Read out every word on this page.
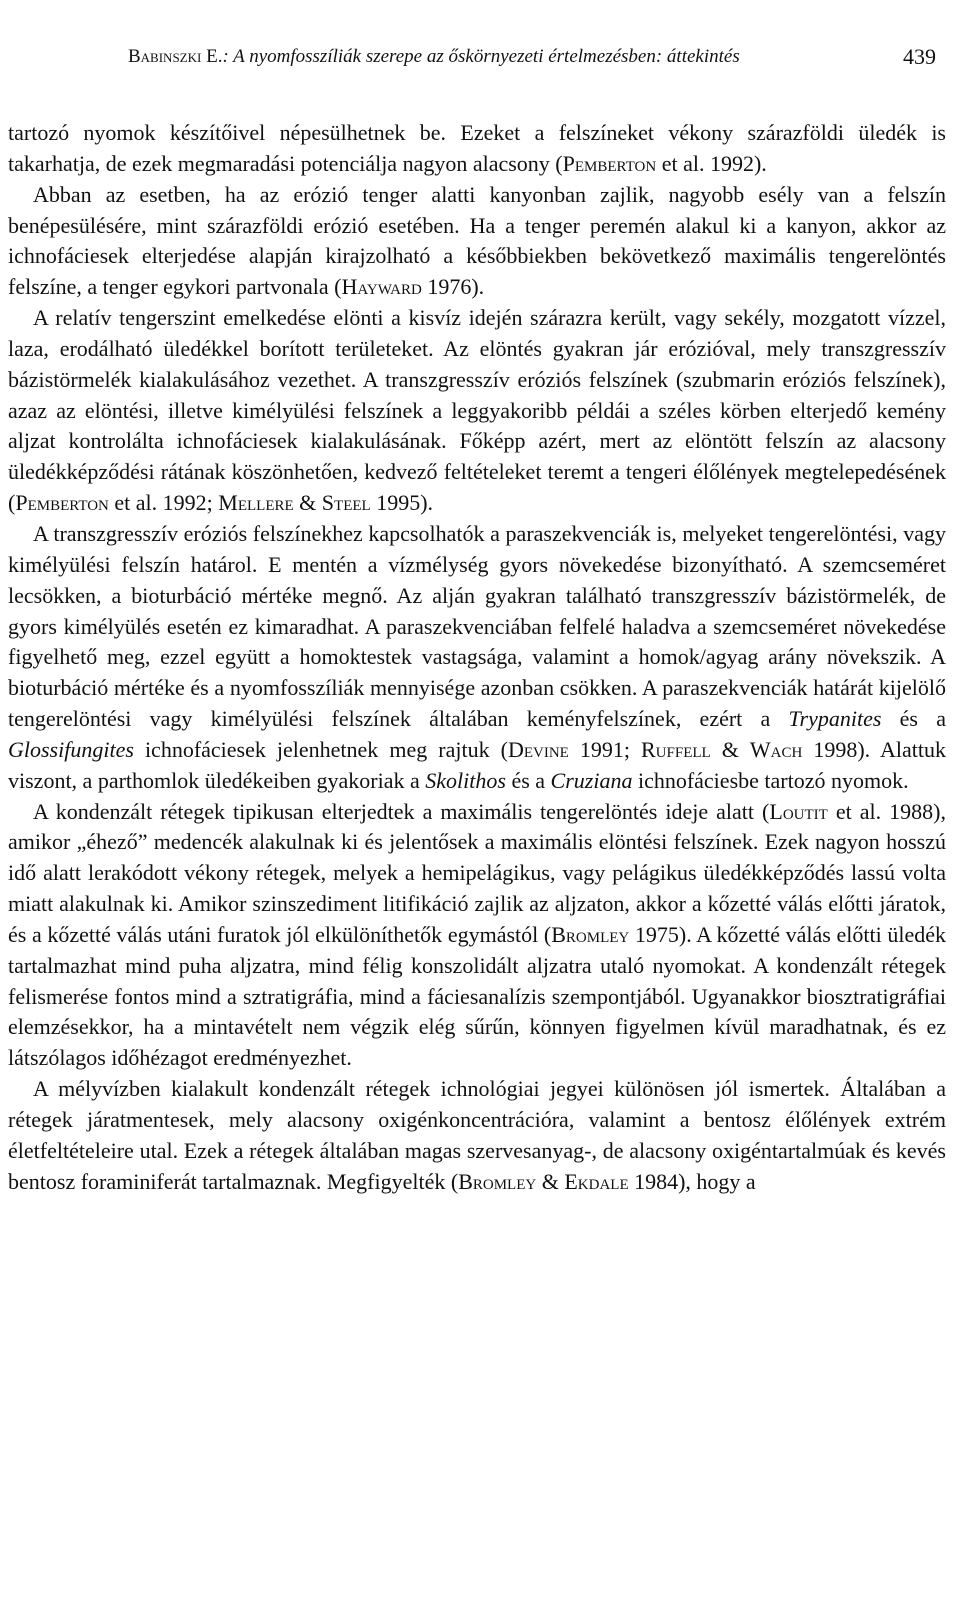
Babinszki E.: A nyomfosszíliák szerepe az őskörnyezeti értelmezésben: áttekintés	439

tartozó nyomok készítőivel népesülhetnek be. Ezeket a felszíneket vékony szárazföldi üledék is takarhatja, de ezek megmaradási potenciálja nagyon alacsony (Pemberton et al. 1992).

Abban az esetben, ha az erózió tenger alatti kanyonban zajlik, nagyobb esély van a felszín benépesülésére, mint szárazföldi erózió esetében. Ha a tenger peremén alakul ki a kanyon, akkor az ichnofáciesek elterjedése alapján kirajzolható a későbbiekben bekövetkező maximális tengerelöntés felszíne, a tenger egykori partvonala (Hayward 1976).

A relatív tengerszint emelkedése elönti a kisvíz idején szárazra került, vagy sekély, mozgatott vízzel, laza, erodálható üledékkel borított területeket. Az elöntés gyakran jár erózióval, mely transzgresszív bázistörmelék kialakulásához vezethet. A transzgresszív eróziós felszínek (szubmarin eróziós felszínek), azaz az elöntési, illetve kimélyülési felszínek a leggyakoribb példái a széles körben elterjedő kemény aljzat kontrolálta ichnofáciesek kialakulásának. Főképp azért, mert az elöntött felszín az alacsony üledékképződési rátának köszönhetően, kedvező feltételeket teremt a tengeri élőlények megtelepedésének (Pemberton et al. 1992; Mellere & Steel 1995).

A transzgresszív eróziós felszínekhez kapcsolhatók a paraszekvenciák is, melyeket tengerelöntési, vagy kimélyülési felszín határol. E mentén a vízmélység gyors növekedése bizonyítható. A szemcseméret lecsökken, a bioturbáció mértéke megnő. Az alján gyakran található transzgresszív bázistörmelék, de gyors kimélyülés esetén ez kimaradhat. A paraszekvenciában felfelé haladva a szemcseméret növekedése figyelhető meg, ezzel együtt a homoktestek vastagsága, valamint a homok/agyag arány növekszik. A bioturbáció mértéke és a nyomfosszíliák mennyisége azonban csökken. A paraszekvenciák határát kijelölő tengerelöntési vagy kimélyülési felszínek általában keményfelszínek, ezért a Trypanites és a Glossifungites ichnofáciesek jelenhetnek meg rajtuk (Devine 1991; Ruffell & Wach 1998). Alattuk viszont, a parthomlok üledékeiben gyakoriak a Skolithos és a Cruziana ichnofáciesbe tartozó nyomok.

A kondenzált rétegek tipikusan elterjedtek a maximális tengerelöntés ideje alatt (Loutit et al. 1988), amikor „éhező” medencék alakulnak ki és jelentősek a maximális elöntési felszínek. Ezek nagyon hosszú idő alatt lerakódott vékony rétegek, melyek a hemipelágikus, vagy pelágikus üledékképződés lassú volta miatt alakulnak ki. Amikor szinszediment litifikáció zajlik az aljzaton, akkor a kőzetté válás előtti járatok, és a kőzetté válás utáni furatok jól elkülöníthetők egymástól (Bromley 1975). A kőzetté válás előtti üledék tartalmazhat mind puha aljzatra, mind félig konszolidált aljzatra utaló nyomokat. A kondenzált rétegek felismerése fontos mind a sztratigráfia, mind a fáciesanalízis szempontjából. Ugyanakkor biosztratigráfiai elemzésekkor, ha a mintavételt nem végzik elég sűrűn, könnyen figyelmen kívül maradhatnak, és ez látszólagos időhézagot eredményezhet.

A mélyvízben kialakult kondenzált rétegek ichnológiai jegyei különösen jól ismertek. Általában a rétegek járatmentesek, mely alacsony oxigénkoncentrációra, valamint a bentosz élőlények extrém életfeltételeire utal. Ezek a rétegek általában magas szervesanyag-, de alacsony oxigéntartalmúak és kevés bentosz foraminiferát tartalmaznak. Megfigyelték (Bromley & Ekdale 1984), hogy a
